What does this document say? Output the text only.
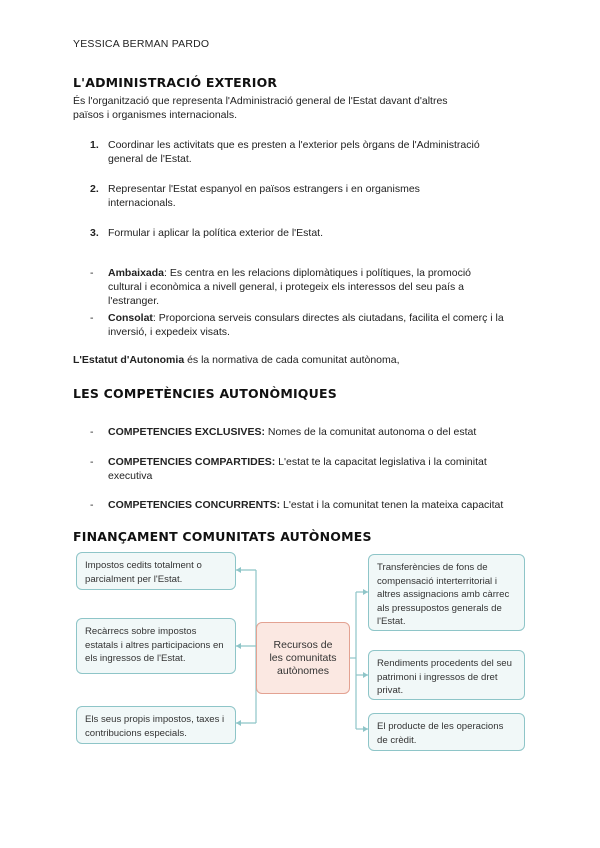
YESSICA BERMAN PARDO
L'ADMINISTRACIÓ EXTERIOR
És l'organització que representa l'Administració general de l'Estat davant d'altres
països i organismes internacionals.
1. Coordinar les activitats que es presten a l'exterior pels òrgans de l'Administració
general de l'Estat.
2. Representar l'Estat espanyol en països estrangers i en organismes
internacionals.
3. Formular i aplicar la política exterior de l'Estat.
- Ambaixada: Es centra en les relacions diplomàtiques i polítiques, la promoció
cultural i econòmica a nivell general, i protegeix els interessos del seu país a
l'estranger.
- Consolat: Proporciona serveis consulars directes als ciutadans, facilita el comerç i la
inversió, i expedeix visats.
L'Estatut d'Autonomia és la normativa de cada comunitat autònoma,
LES COMPETÈNCIES AUTONÒMIQUES
- COMPETENCIES EXCLUSIVES: Nomes de la comunitat autonoma o del estat
- COMPETENCIES COMPARTIDES: L'estat te la capacitat legislativa i la cominitat
executiva
- COMPETENCIES CONCURRENTS: L'estat i la comunitat tenen la mateixa capacitat
FINANÇAMENT COMUNITATS AUTÒNOMES
Impostos cedits totalment o parcialment per l'Estat.
Recàrrecs sobre impostos estatals i altres participacions en els ingressos de l'Estat.
Els seus propis impostos, taxes i contribucions especials.
Recursos de les comunitats autònomes
Transferències de fons de compensació interterritorial i altres assignacions amb càrrec als pressupostos generals de l'Estat.
Rendiments procedents del seu patrimoni i ingressos de dret privat.
El producte de les operacions de crèdit.
